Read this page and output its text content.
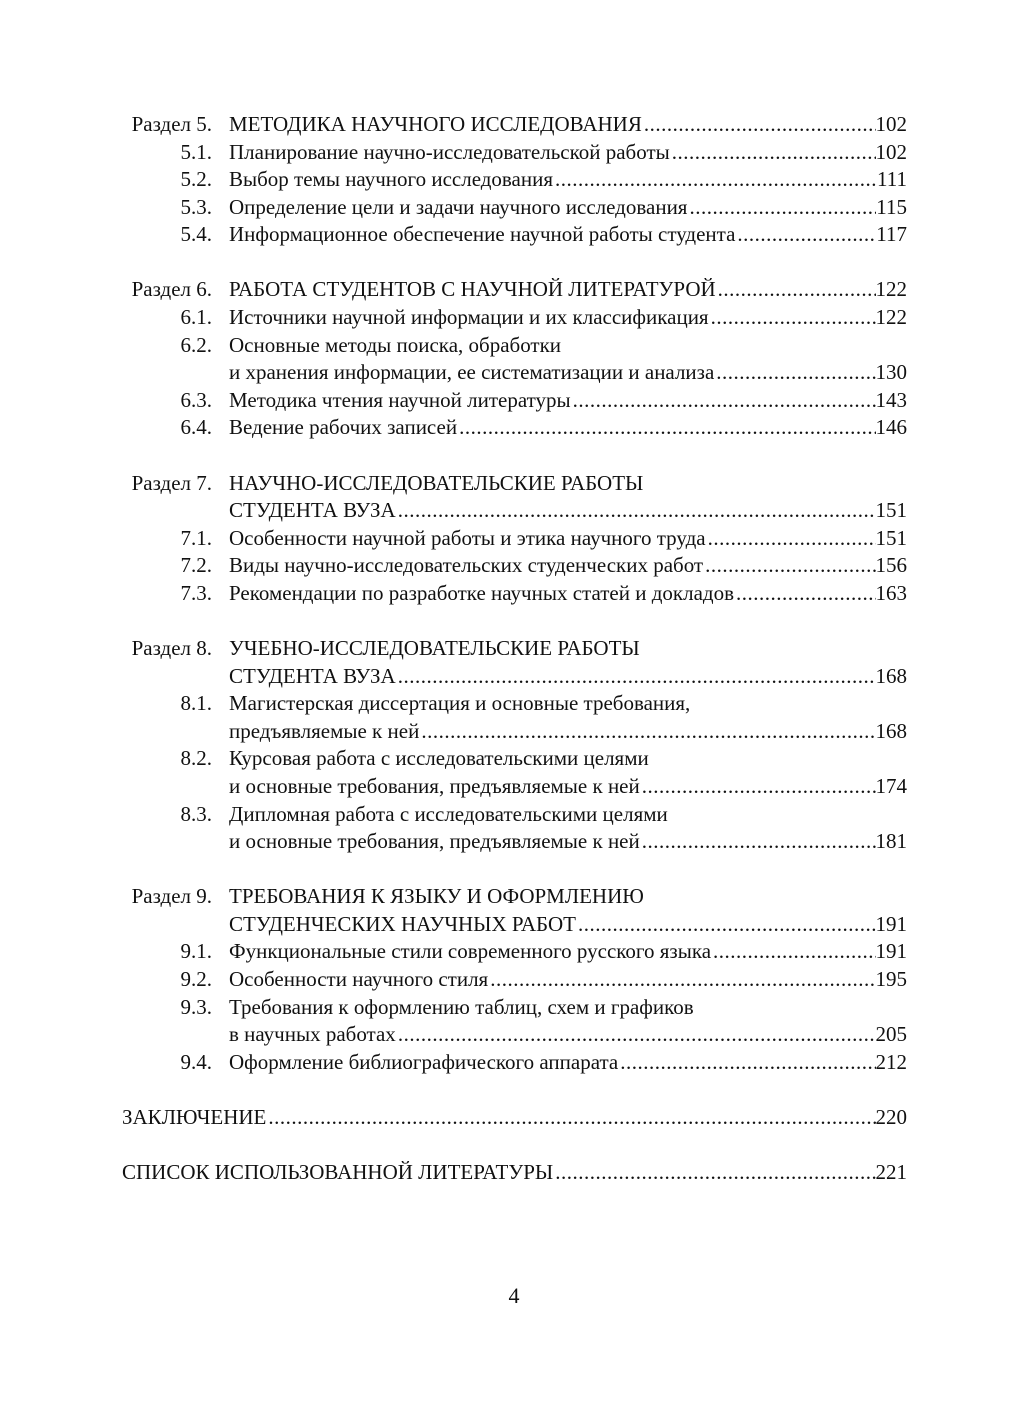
Раздел 5. МЕТОДИКА НАУЧНОГО ИССЛЕДОВАНИЯ .....	102
5.1. Планирование научно-исследовательской работы .....	102
5.2. Выбор темы научного исследования .....	111
5.3. Определение цели и задачи научного исследования .....	115
5.4. Информационное обеспечение научной работы студента .....	117
Раздел 6. РАБОТА СТУДЕНТОВ С НАУЧНОЙ ЛИТЕРАТУРОЙ .....	122
6.1. Источники научной информации и их классификация .....	122
6.2. Основные методы поиска, обработки
и хранения информации, ее систематизации и анализа .....	130
6.3. Методика чтения научной литературы .....	143
6.4. Ведение рабочих записей .....	146
Раздел 7. НАУЧНО-ИССЛЕДОВАТЕЛЬСКИЕ РАБОТЫ
СТУДЕНТА ВУЗА .....	151
7.1. Особенности научной работы и этика научного труда .....	151
7.2. Виды научно-исследовательских студенческих работ .....	156
7.3. Рекомендации по разработке научных статей и докладов .....	163
Раздел 8. УЧЕБНО-ИССЛЕДОВАТЕЛЬСКИЕ РАБОТЫ
СТУДЕНТА ВУЗА .....	168
8.1. Магистерская диссертация и основные требования,
предъявляемые к ней .....	168
8.2. Курсовая работа с исследовательскими целями
и основные требования, предъявляемые к ней .....	174
8.3. Дипломная работа с исследовательскими целями
и основные требования, предъявляемые к ней .....	181
Раздел 9. ТРЕБОВАНИЯ К ЯЗЫКУ И ОФОРМЛЕНИЮ
СТУДЕНЧЕСКИХ НАУЧНЫХ РАБОТ .....	191
9.1. Функциональные стили современного русского языка .....	191
9.2. Особенности научного стиля .....	195
9.3. Требования к оформлению таблиц, схем и графиков
в научных работах .....	205
9.4. Оформление библиографического аппарата .....	212
ЗАКЛЮЧЕНИЕ .....	220
СПИСОК ИСПОЛЬЗОВАННОЙ ЛИТЕРАТУРЫ .....	221
4
